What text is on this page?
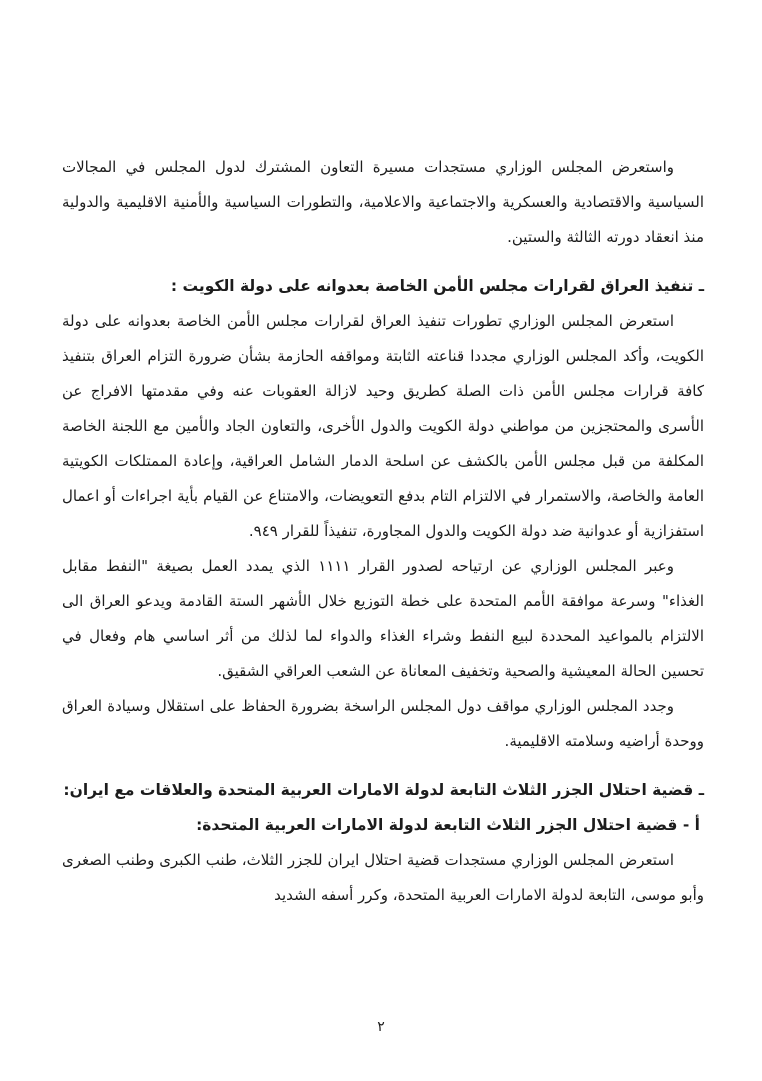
واستعرض المجلس الوزاري مستجدات مسيرة التعاون المشترك لدول المجلس في المجالات السياسية والاقتصادية والعسكرية والاجتماعية والاعلامية، والتطورات السياسية والأمنية الاقليمية والدولية منذ انعقاد دورته الثالثة والستين.
ـ تنفيذ العراق لقرارات مجلس الأمن الخاصة بعدوانه على دولة الكويت :
استعرض المجلس الوزاري تطورات تنفيذ العراق لقرارات مجلس الأمن الخاصة بعدوانه على دولة الكويت، وأكد المجلس الوزاري مجددا قناعته الثابتة ومواقفه الحازمة بشأن ضرورة التزام العراق بتنفيذ كافة قرارات مجلس الأمن ذات الصلة كطريق وحيد لازالة العقوبات عنه وفي مقدمتها الافراج عن الأسرى والمحتجزين من مواطني دولة الكويت والدول الأخرى، والتعاون الجاد والأمين مع اللجنة الخاصة المكلفة من قبل مجلس الأمن بالكشف عن اسلحة الدمار الشامل العراقية، وإعادة الممتلكات الكويتية العامة والخاصة، والاستمرار في الالتزام التام بدفع التعويضات، والامتناع عن القيام بأية اجراءات أو اعمال استفزازية أو عدوانية ضد دولة الكويت والدول المجاورة، تنفيذاً للقرار ٩٤٩.
وعبر المجلس الوزاري عن ارتياحه لصدور القرار ١١١١ الذي يمدد العمل بصيغة "النفط مقابل الغذاء" وسرعة موافقة الأمم المتحدة على خطة التوزيع خلال الأشهر الستة القادمة ويدعو العراق الى الالتزام بالمواعيد المحددة لبيع النفط وشراء الغذاء والدواء لما لذلك من أثر اساسي هام وفعال في تحسين الحالة المعيشية والصحية وتخفيف المعاناة عن الشعب العراقي الشقيق.
وجدد المجلس الوزاري مواقف دول المجلس الراسخة بضرورة الحفاظ على استقلال وسيادة العراق ووحدة أراضيه وسلامته الاقليمية.
ـ قضية احتلال الجزر الثلاث التابعة لدولة الامارات العربية المتحدة والعلاقات مع ايران:
أ - قضية احتلال الجزر الثلاث التابعة لدولة الامارات العربية المتحدة:
استعرض المجلس الوزاري مستجدات قضية احتلال ايران للجزر الثلاث، طنب الكبرى وطنب الصغرى وأبو موسى، التابعة لدولة الامارات العربية المتحدة، وكرر أسفه الشديد
٢
